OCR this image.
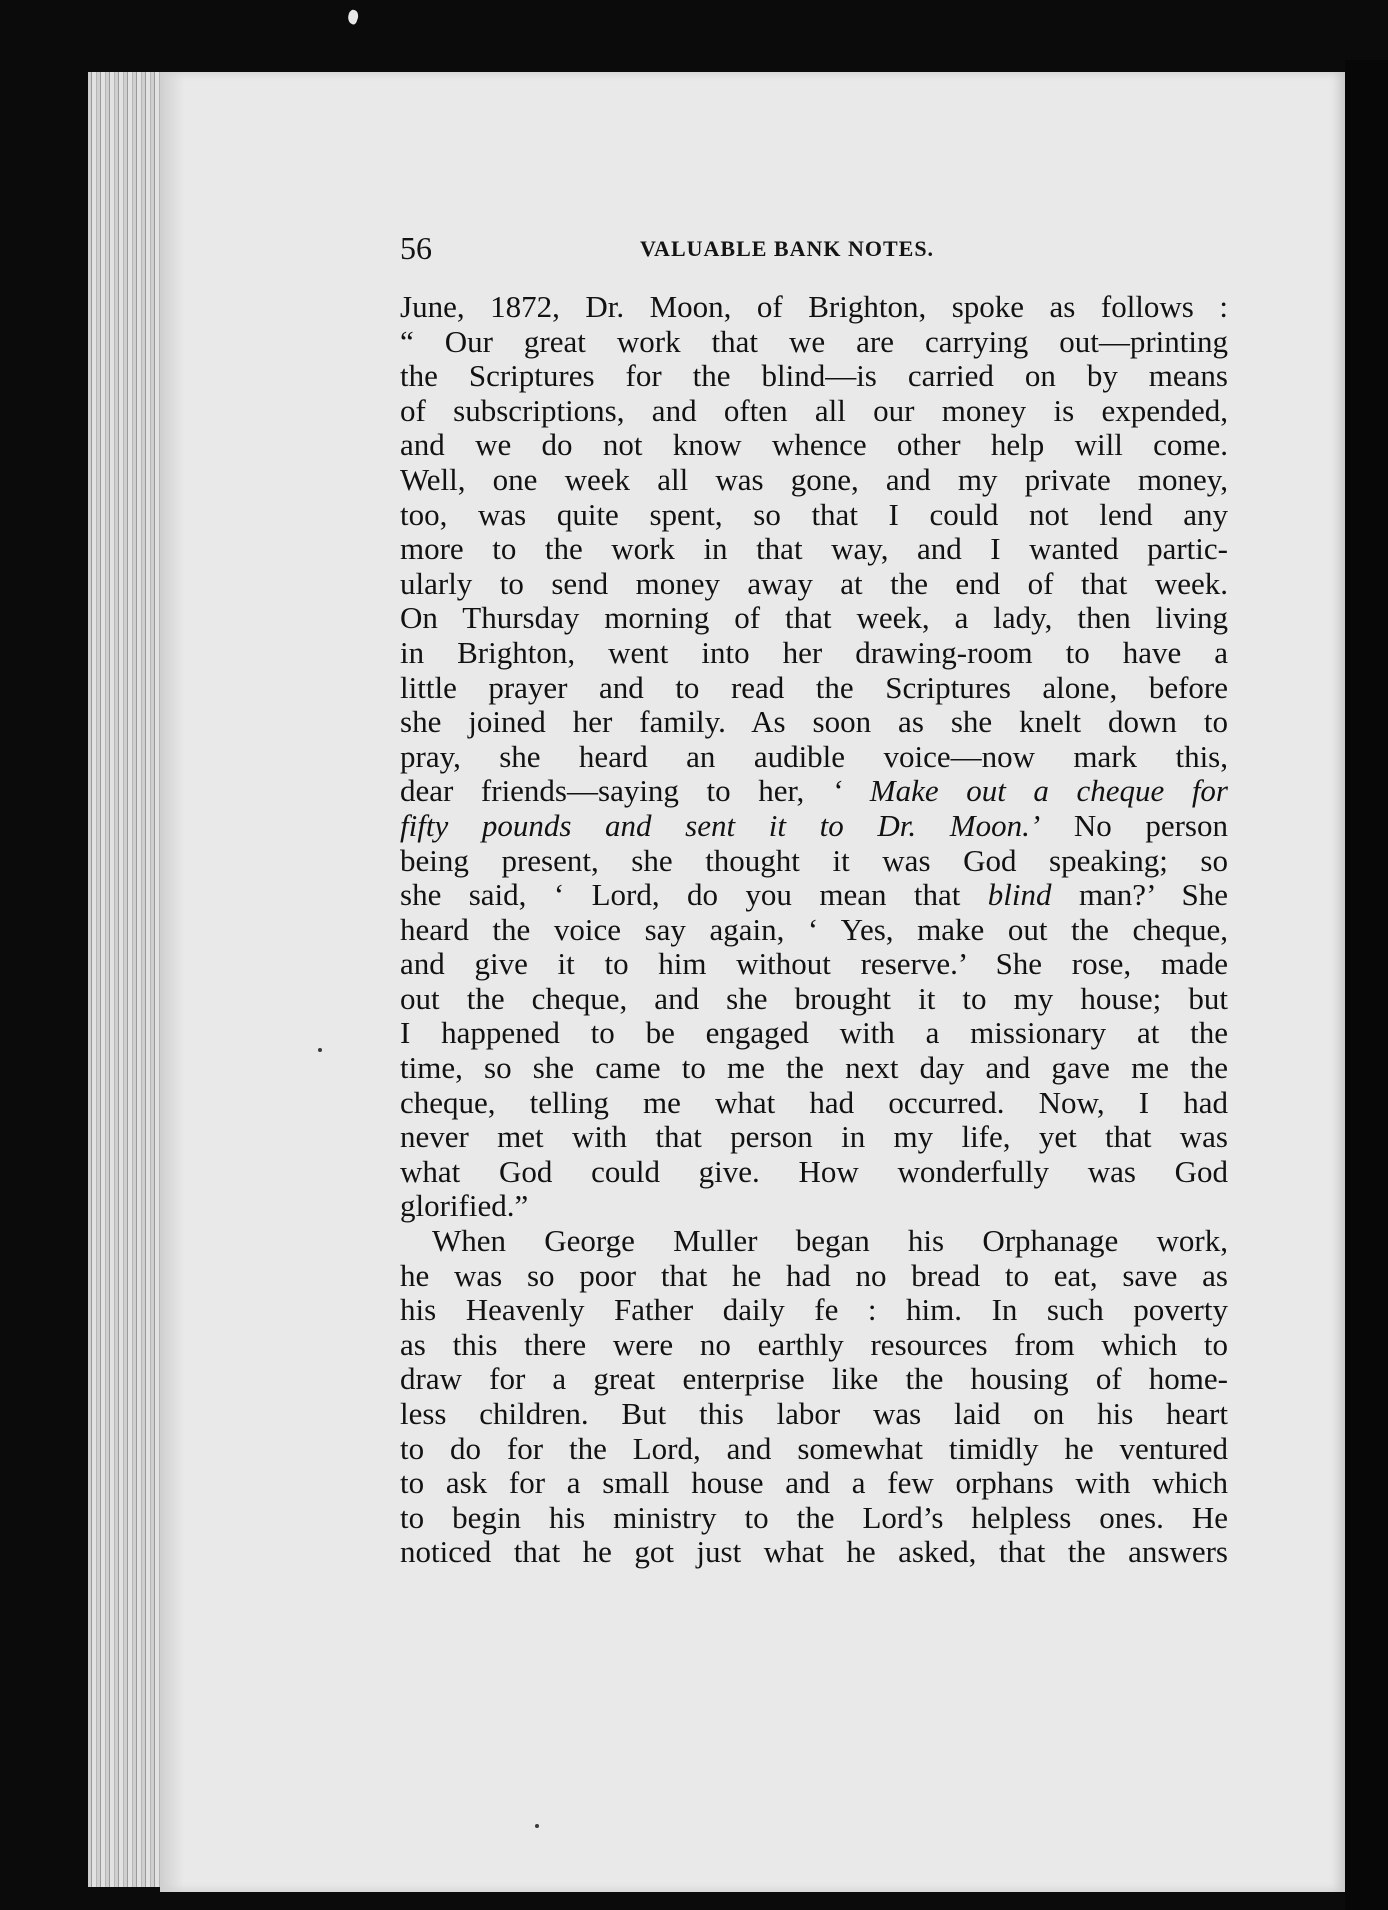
56	VALUABLE BANK NOTES.
June, 1872, Dr. Moon, of Brighton, spoke as follows :
“ Our great work that we are carrying out—printing
the Scriptures for the blind—is carried on by means
of subscriptions, and often all our money is expended,
and we do not know whence other help will come.
Well, one week all was gone, and my private money,
too, was quite spent, so that I could not lend any
more to the work in that way, and I wanted partic-
ularly to send money away at the end of that week.
On Thursday morning of that week, a lady, then living
in Brighton, went into her drawing-room to have a
little prayer and to read the Scriptures alone, before
she joined her family. As soon as she knelt down to
pray, she heard an audible voice—now mark this,
dear friends—saying to her, ‘ Make out a cheque for
fifty pounds and sent it to Dr. Moon.’ No person
being present, she thought it was God speaking; so
she said, ‘ Lord, do you mean that blind man?’ She
heard the voice say again, ‘ Yes, make out the cheque,
and give it to him without reserve.’ She rose, made
out the cheque, and she brought it to my house; but
I happened to be engaged with a missionary at the
time, so she came to me the next day and gave me the
cheque, telling me what had occurred. Now, I had
never met with that person in my life, yet that was
what God could give. How wonderfully was God
glorified.”
When George Muller began his Orphanage work,
he was so poor that he had no bread to eat, save as
his Heavenly Father daily fe : him. In such poverty
as this there were no earthly resources from which to
draw for a great enterprise like the housing of home-
less children. But this labor was laid on his heart
to do for the Lord, and somewhat timidly he ventured
to ask for a small house and a few orphans with which
to begin his ministry to the Lord’s helpless ones. He
noticed that he got just what he asked, that the answers
